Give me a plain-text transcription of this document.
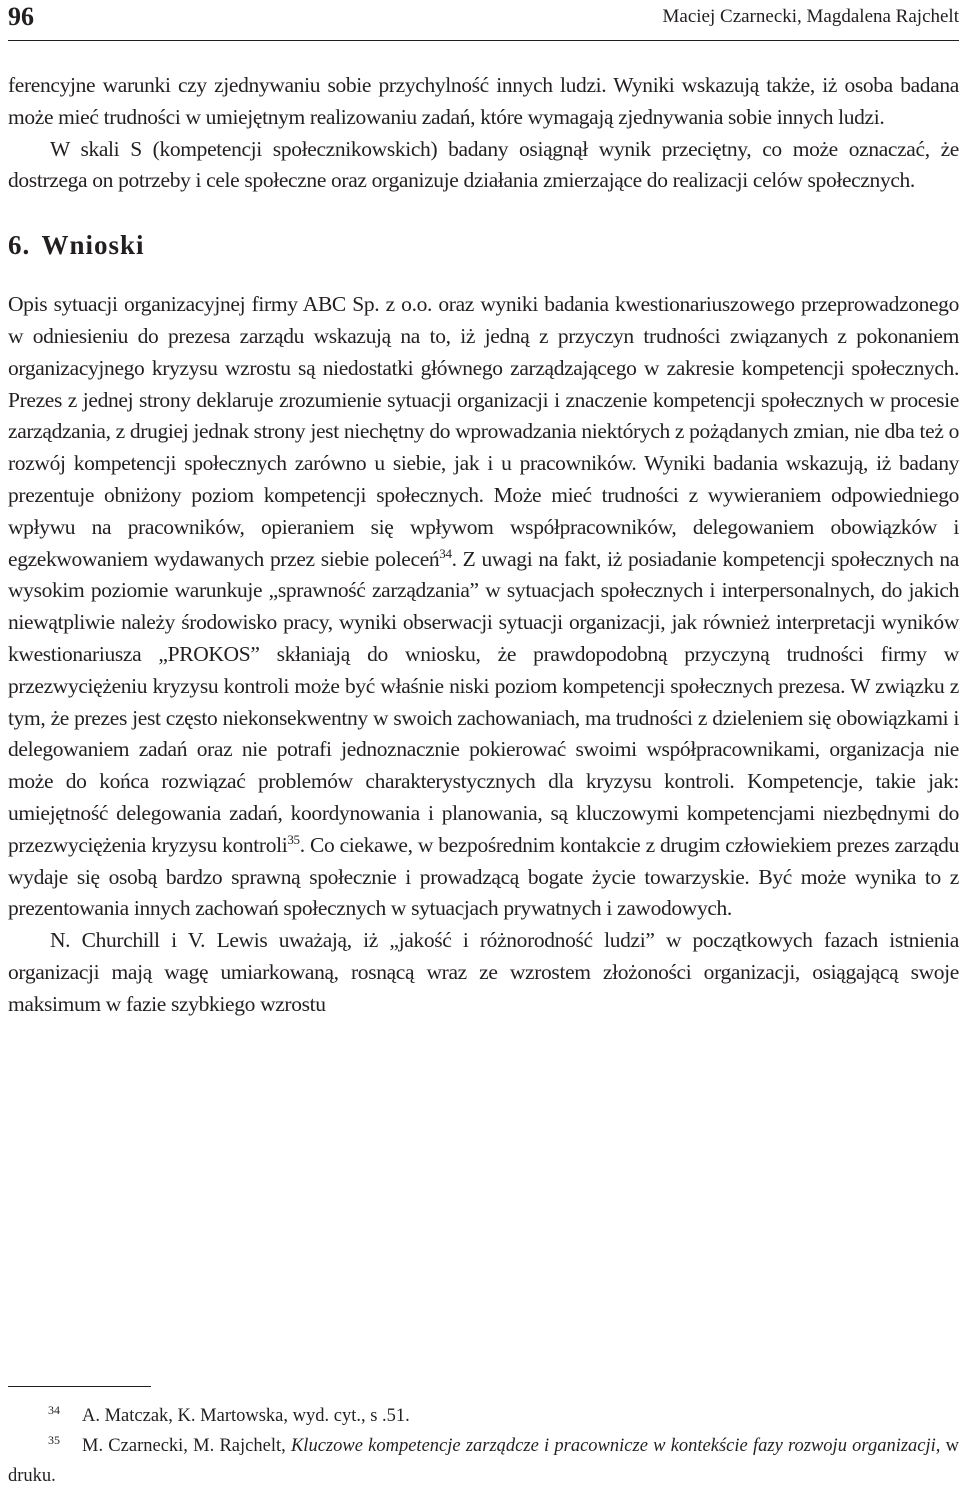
96	Maciej Czarnecki, Magdalena Rajchelt

ferencyjne warunki czy zjednywaniu sobie przychylność innych ludzi. Wyniki wskazują także, iż osoba badana może mieć trudności w umiejętnym realizowaniu zadań, które wymagają zjednywania sobie innych ludzi.

W skali S (kompetencji społecznikowskich) badany osiągnął wynik przeciętny, co może oznaczać, że dostrzega on potrzeby i cele społeczne oraz organizuje działania zmierzające do realizacji celów społecznych.

6. Wnioski

Opis sytuacji organizacyjnej firmy ABC Sp. z o.o. oraz wyniki badania kwestionariuszowego przeprowadzonego w odniesieniu do prezesa zarządu wskazują na to, iż jedną z przyczyn trudności związanych z pokonaniem organizacyjnego kryzysu wzrostu są niedostatki głównego zarządzającego w zakresie kompetencji społecznych. Prezes z jednej strony deklaruje zrozumienie sytuacji organizacji i znaczenie kompetencji społecznych w procesie zarządzania, z drugiej jednak strony jest niechętny do wprowadzania niektórych z pożądanych zmian, nie dba też o rozwój kompetencji społecznych zarówno u siebie, jak i u pracowników. Wyniki badania wskazują, iż badany prezentuje obniżony poziom kompetencji społecznych. Może mieć trudności z wywieraniem odpowiedniego wpływu na pracowników, opieraniem się wpływom współpracowników, delegowaniem obowiązków i egzekwowaniem wydawanych przez siebie poleceń$^{34}$. Z uwagi na fakt, iż posiadanie kompetencji społecznych na wysokim poziomie warunkuje „sprawność zarządzania” w sytuacjach społecznych i interpersonalnych, do jakich niewątpliwie należy środowisko pracy, wyniki obserwacji sytuacji organizacji, jak również interpretacji wyników kwestionariusza „PROKOS” skłaniają do wniosku, że prawdopodobną przyczyną trudności firmy w przezwyciężeniu kryzysu kontroli może być właśnie niski poziom kompetencji społecznych prezesa. W związku z tym, że prezes jest często niekonsekwentny w swoich zachowaniach, ma trudności z dzieleniem się obowiązkami i delegowaniem zadań oraz nie potrafi jednoznacznie pokierować swoimi współpracownikami, organizacja nie może do końca rozwiązać problemów charakterystycznych dla kryzysu kontroli. Kompetencje, takie jak: umiejętność delegowania zadań, koordynowania i planowania, są kluczowymi kompetencjami niezbędnymi do przezwyciężenia kryzysu kontroli$^{35}$. Co ciekawe, w bezpośrednim kontakcie z drugim człowiekiem prezes zarządu wydaje się osobą bardzo sprawną społecznie i prowadzącą bogate życie towarzyskie. Być może wynika to z prezentowania innych zachowań społecznych w sytuacjach prywatnych i zawodowych.

N. Churchill i V. Lewis uważają, iż „jakość i różnorodność ludzi” w początkowych fazach istnienia organizacji mają wagę umiarkowaną, rosnącą wraz ze wzrostem złożoności organizacji, osiągającą swoje maksimum w fazie szybkiego wzrostu

34 A. Matczak, K. Martowska, wyd. cyt., s .51.

35 M. Czarnecki, M. Rajchelt, Kluczowe kompetencje zarządcze i pracownicze w kontekście fazy rozwoju organizacji, w druku.
